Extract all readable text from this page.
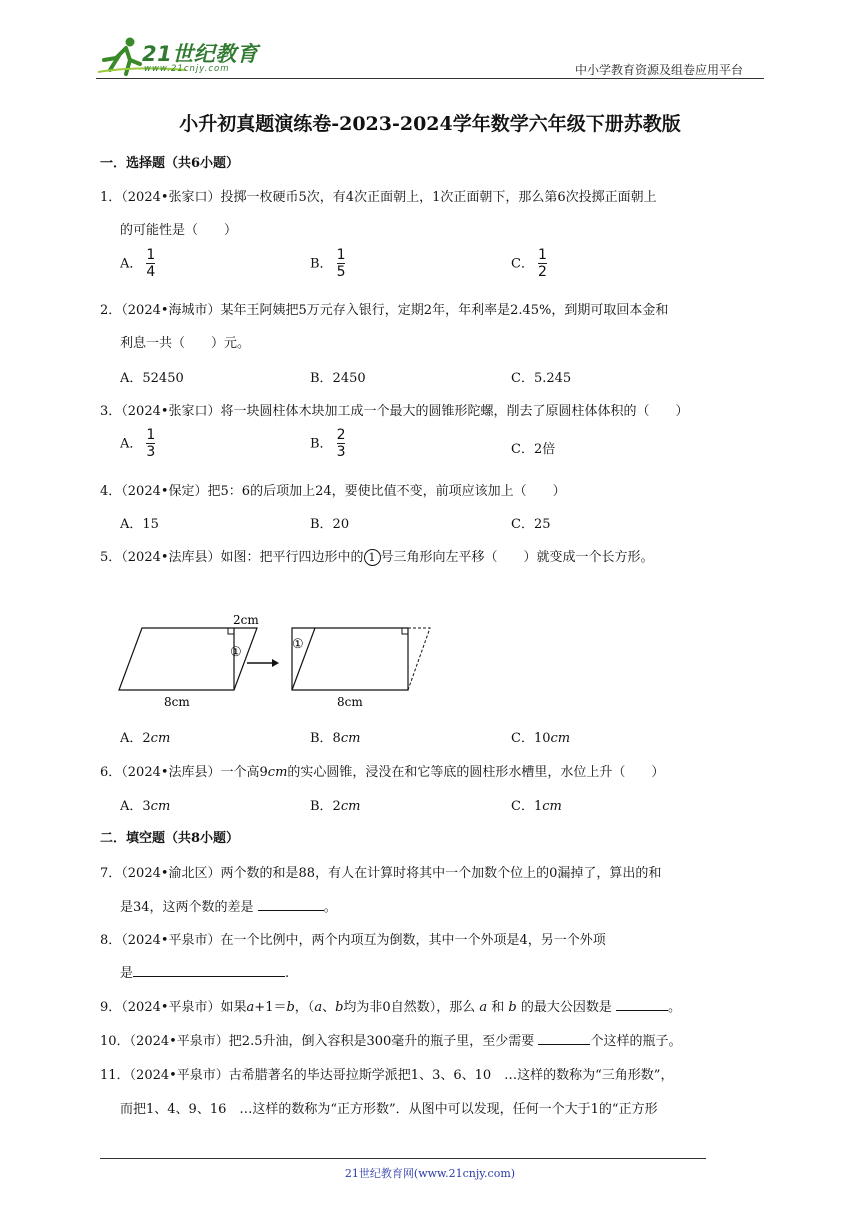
21世纪教育
www.21cnjy.com	中小学教育资源及组卷应用平台
小升初真题演练卷-2023-2024学年数学六年级下册苏教版
一．选择题（共6小题）
1．（2024•张家口）投掷一枚硬币5次，有4次正面朝上，1次正面朝下，那么第6次投掷正面朝上
的可能性是（　　）
A． $\frac{1}{4}$	B． $\frac{1}{5}$	C． $\frac{1}{2}$
2．（2024•海城市）某年王阿姨把5万元存入银行，定期2年，年利率是2.45%，到期可取回本金和
利息一共（　　）元。
A．52450	B．2450	C．5.245
3．（2024•张家口）将一块圆柱体木块加工成一个最大的圆锥形陀螺，削去了原圆柱体体积的（　　）
A． $\frac{1}{3}$	B． $\frac{2}{3}$	C．2倍
4．（2024•保定）把5：6的后项加上24，要使比值不变，前项应该加上（　　）
A．15	B．20	C．25
5．（2024•法库县）如图：把平行四边形中的 1 号三角形向左平移（　　）就变成一个长方形。
2cm
①
8cm
①
8cm
A．2cm	B．8cm	C．10cm
6．（2024•法库县）一个高9cm的实心圆锥，浸没在和它等底的圆柱形水槽里，水位上升（　　）
A．3cm	B．2cm	C．1cm
二．填空题（共8小题）
7．（2024•渝北区）两个数的和是88，有人在计算时将其中一个加数个位上的0漏掉了，算出的和
是34，这两个数的差是	。
8．（2024•平泉市）在一个比例中，两个内项互为倒数，其中一个外项是4，另一个外项
是	.
9．（2024•平泉市）如果a+1＝b，（a、b均为非0自然数），那么 a 和 b 的最大公因数是	。
10．（2024•平泉市）把2.5升油，倒入容积是300毫升的瓶子里，至少需要	个这样的瓶子。
11．（2024•平泉市）古希腊著名的毕达哥拉斯学派把1、3、6、10　…这样的数称为“三角形数”，
而把1、4、9、16　…这样的数称为“正方形数”．从图中可以发现，任何一个大于1的“正方形
21世纪教育网(www.21cnjy.com)
